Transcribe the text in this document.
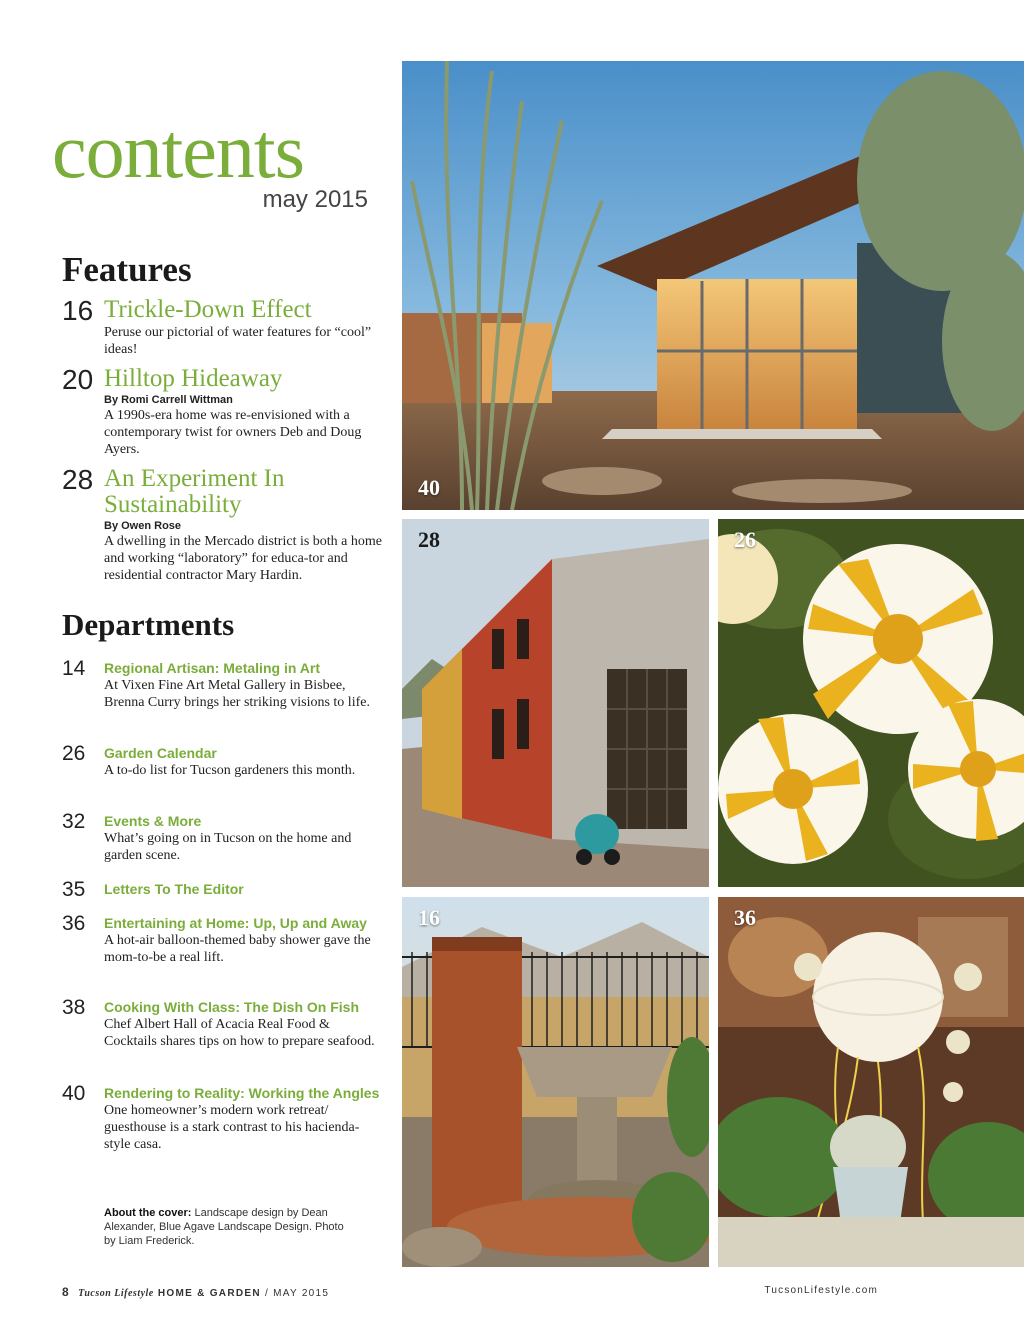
contents
may 2015
Features
16 Trickle-Down Effect
Peruse our pictorial of water features for “cool” ideas!
20 Hilltop Hideaway
By Romi Carrell Wittman
A 1990s-era home was re-envisioned with a contemporary twist for owners Deb and Doug Ayers.
28 An Experiment In Sustainability
By Owen Rose
A dwelling in the Mercado district is both a home and working “laboratory” for educa-tor and residential contractor Mary Hardin.
Departments
14 Regional Artisan: Metaling in Art
At Vixen Fine Art Metal Gallery in Bisbee, Brenna Curry brings her striking visions to life.
26 Garden Calendar
A to-do list for Tucson gardeners this month.
32 Events & More
What’s going on in Tucson on the home and garden scene.
35 Letters To The Editor
36 Entertaining at Home: Up, Up and Away
A hot-air balloon-themed baby shower gave the mom-to-be a real lift.
38 Cooking With Class: The Dish On Fish
Chef Albert Hall of Acacia Real Food & Cocktails shares tips on how to prepare seafood.
40 Rendering to Reality: Working the Angles
One homeowner’s modern work retreat/ guesthouse is a stark contrast to his hacienda-style casa.
About the cover: Landscape design by Dean Alexander, Blue Agave Landscape Design. Photo by Liam Frederick.
40
28	26
16	36
8 Tucson Lifestyle HOME & GARDEN / MAY 2015	TucsonLifestyle.com
